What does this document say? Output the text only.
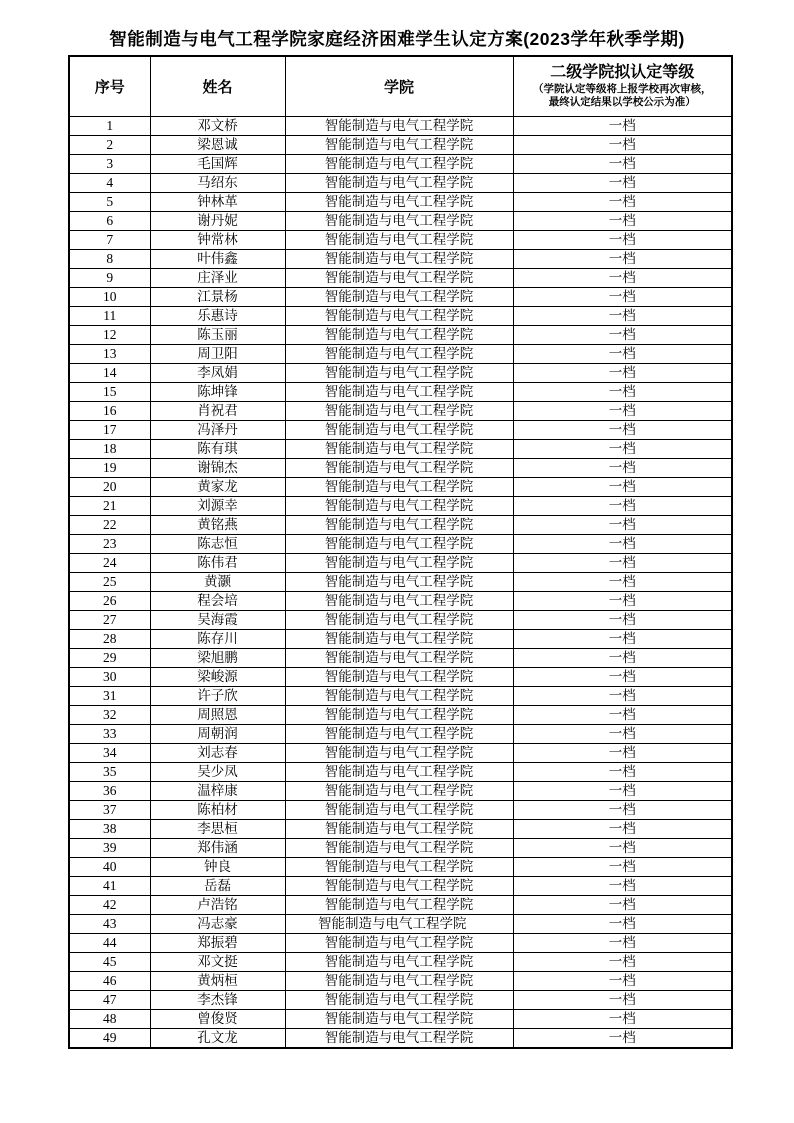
智能制造与电气工程学院家庭经济困难学生认定方案(2023学年秋季学期)
序号	姓名	学院	二级学院拟认定等级
（学院认定等级将上报学校再次审核，
最终认定结果以学校公示为准）

1	邓文桥	智能制造与电气工程学院	一档
2	梁恩诚	智能制造与电气工程学院	一档
3	毛国辉	智能制造与电气工程学院	一档
4	马绍东	智能制造与电气工程学院	一档
5	钟林革	智能制造与电气工程学院	一档
6	谢丹妮	智能制造与电气工程学院	一档
7	钟常林	智能制造与电气工程学院	一档
8	叶伟鑫	智能制造与电气工程学院	一档
9	庄泽业	智能制造与电气工程学院	一档
10	江景杨	智能制造与电气工程学院	一档
11	乐惠诗	智能制造与电气工程学院	一档
12	陈玉丽	智能制造与电气工程学院	一档
13	周卫阳	智能制造与电气工程学院	一档
14	李凤娟	智能制造与电气工程学院	一档
15	陈坤锋	智能制造与电气工程学院	一档
16	肖祝君	智能制造与电气工程学院	一档
17	冯泽丹	智能制造与电气工程学院	一档
18	陈有琪	智能制造与电气工程学院	一档
19	谢锦杰	智能制造与电气工程学院	一档
20	黄家龙	智能制造与电气工程学院	一档
21	刘源幸	智能制造与电气工程学院	一档
22	黄铭燕	智能制造与电气工程学院	一档
23	陈志恒	智能制造与电气工程学院	一档
24	陈伟君	智能制造与电气工程学院	一档
25	黄灏	智能制造与电气工程学院	一档
26	程会培	智能制造与电气工程学院	一档
27	吴海霞	智能制造与电气工程学院	一档
28	陈存川	智能制造与电气工程学院	一档
29	梁旭鹏	智能制造与电气工程学院	一档
30	梁峻源	智能制造与电气工程学院	一档
31	许子欣	智能制造与电气工程学院	一档
32	周照恩	智能制造与电气工程学院	一档
33	周朝润	智能制造与电气工程学院	一档
34	刘志春	智能制造与电气工程学院	一档
35	吴少凤	智能制造与电气工程学院	一档
36	温梓康	智能制造与电气工程学院	一档
37	陈柏材	智能制造与电气工程学院	一档
38	李思桓	智能制造与电气工程学院	一档
39	郑伟涵	智能制造与电气工程学院	一档
40	钟良	智能制造与电气工程学院	一档
41	岳磊	智能制造与电气工程学院	一档
42	卢浩铭	智能制造与电气工程学院	一档
43	冯志豪	智能制造与电气工程学院　	一档
44	郑振碧	智能制造与电气工程学院	一档
45	邓文挺	智能制造与电气工程学院	一档
46	黄炳桓	智能制造与电气工程学院	一档
47	李杰锋	智能制造与电气工程学院	一档
48	曾俊贤	智能制造与电气工程学院	一档
49	孔文龙	智能制造与电气工程学院	一档
